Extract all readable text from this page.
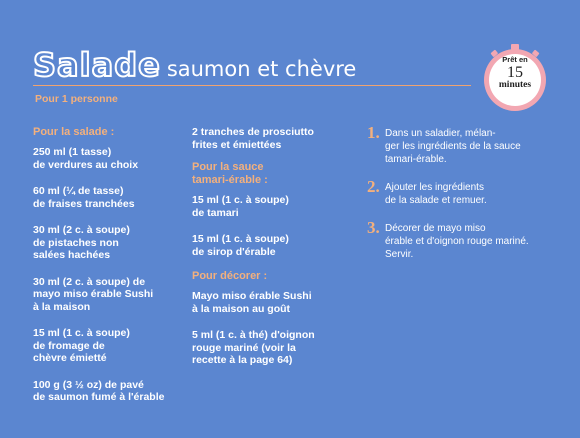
Salade saumon et chèvre
Pour 1 personne
Prêt en
15
minutes
Pour la salade :
250 ml (1 tasse)
de verdures au choix
60 ml (¼ de tasse)
de fraises tranchées
30 ml (2 c. à soupe)
de pistaches non
salées hachées
30 ml (2 c. à soupe) de
mayo miso érable Sushi
à la maison
15 ml (1 c. à soupe)
de fromage de
chèvre émietté
100 g (3 ½ oz) de pavé
de saumon fumé à l'érable
2 tranches de prosciutto
frites et émiettées
Pour la sauce
tamari-érable :
15 ml (1 c. à soupe)
de tamari
15 ml (1 c. à soupe)
de sirop d'érable
Pour décorer :
Mayo miso érable Sushi
à la maison au goût
5 ml (1 c. à thé) d'oignon
rouge mariné (voir la
recette à la page 64)
1. Dans un saladier, mélan-
ger les ingrédients de la sauce
tamari-érable.
2. Ajouter les ingrédients
de la salade et remuer.
3. Décorer de mayo miso
érable et d'oignon rouge mariné.
Servir.
